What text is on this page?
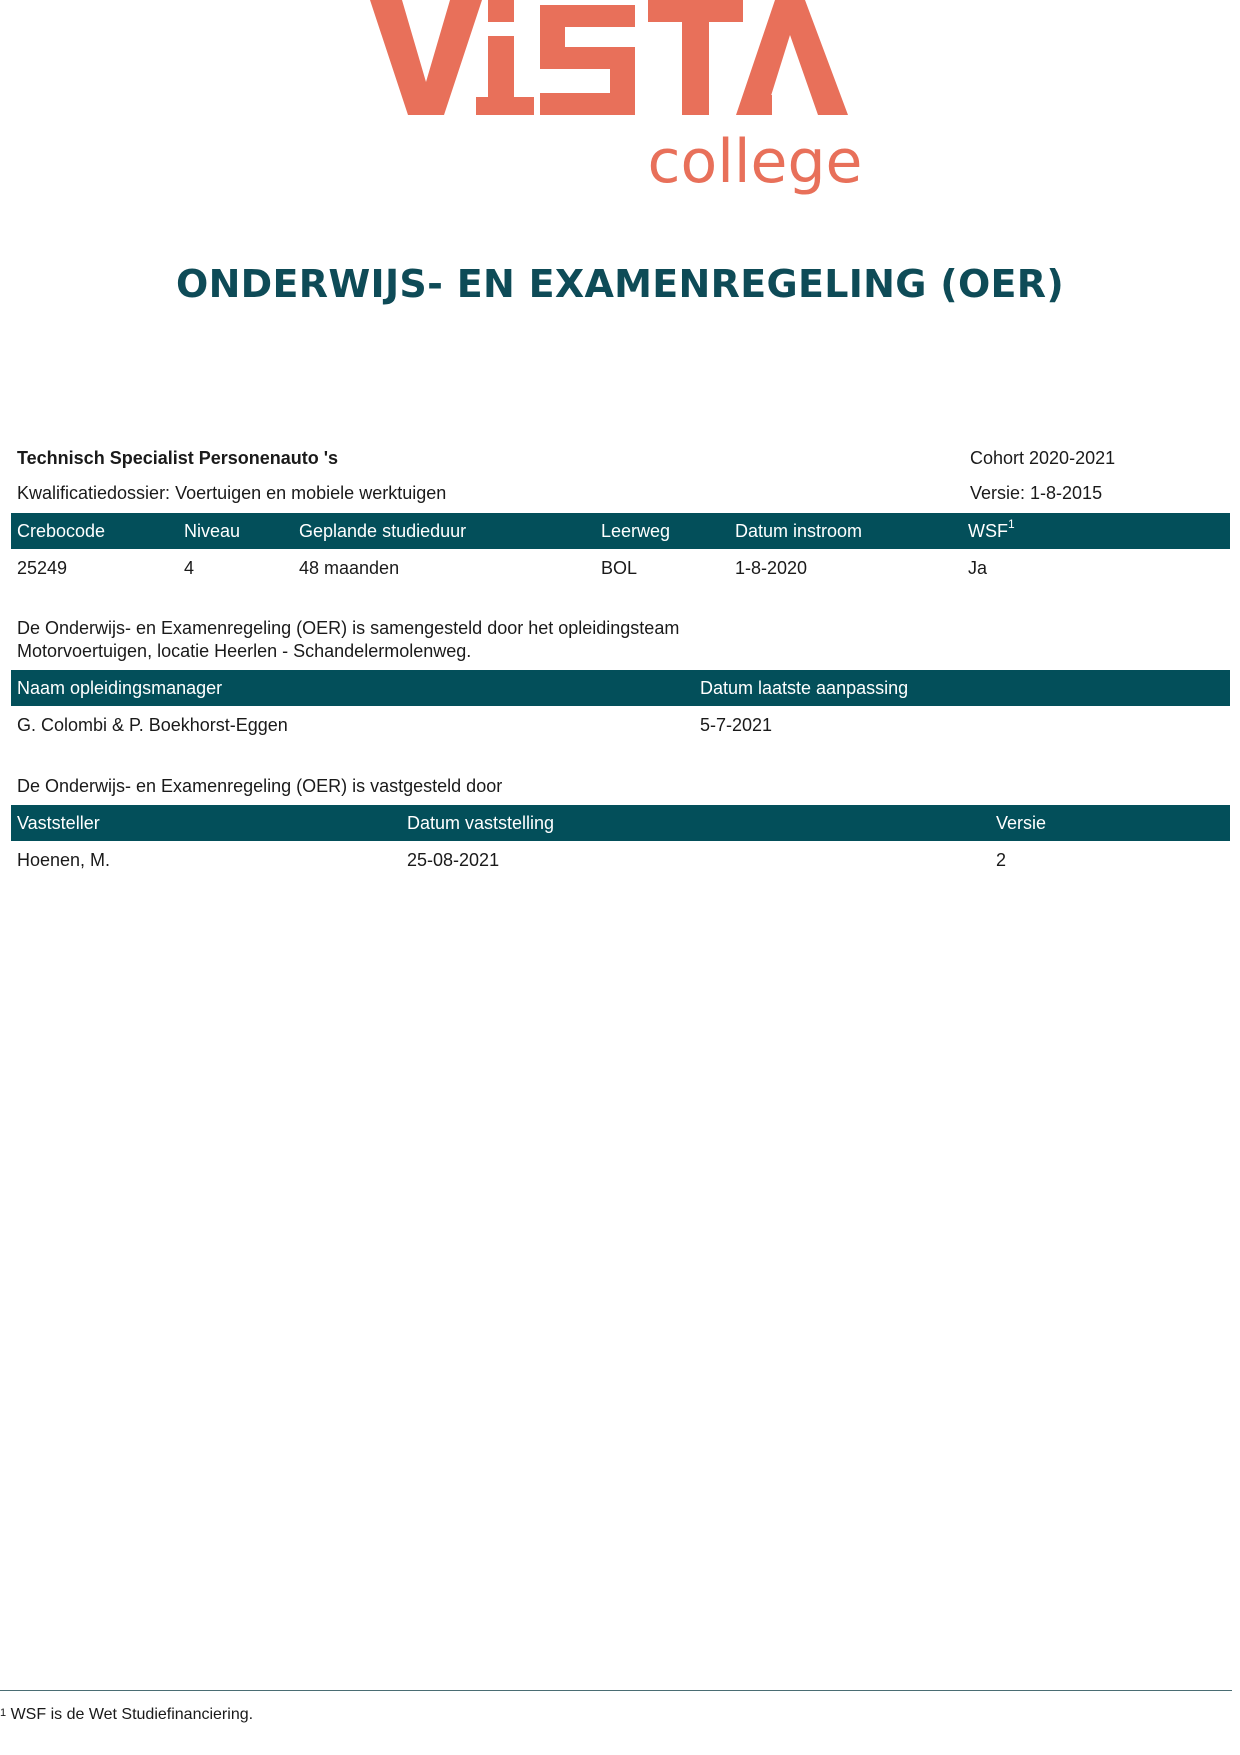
college
ONDERWIJS- EN EXAMENREGELING (OER)
Technisch Specialist Personenauto 's	Cohort 2020-2021
Kwalificatiedossier: Voertuigen en mobiele werktuigen	Versie: 1-8-2015
Crebocode	Niveau	Geplande studieduur	Leerweg	Datum instroom	WSF$^1$
25249	4	48 maanden	BOL	1-8-2020	Ja
De Onderwijs- en Examenregeling (OER) is samengesteld door het opleidingsteam
Motorvoertuigen, locatie Heerlen - Schandelermolenweg.
Naam opleidingsmanager	Datum laatste aanpassing
G. Colombi & P. Boekhorst-Eggen	5-7-2021
De Onderwijs- en Examenregeling (OER) is vastgesteld door
Vaststeller	Datum vaststelling	Versie
Hoenen, M.	25-08-2021	2
$^1$ WSF is de Wet Studiefinanciering.
